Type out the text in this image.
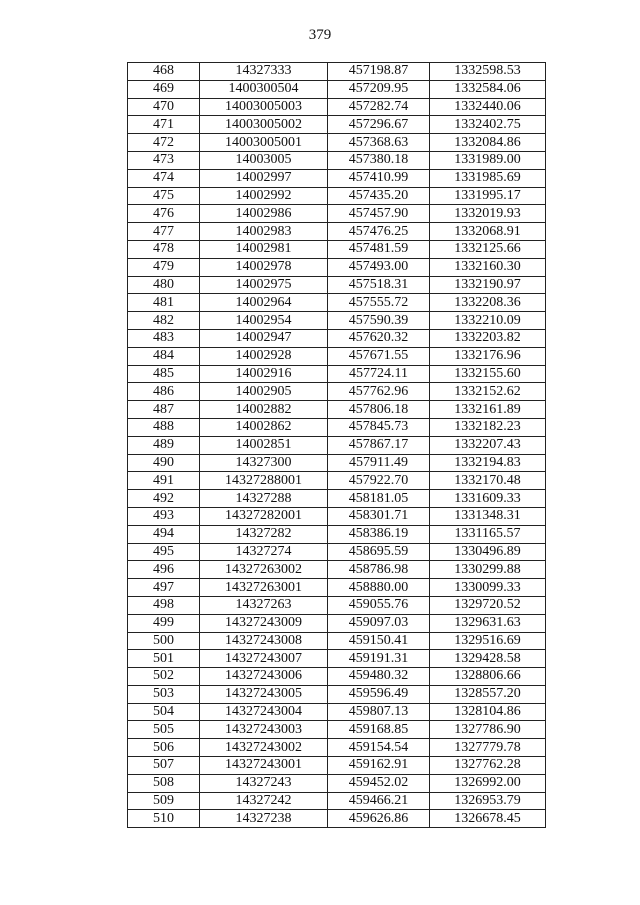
379
468	14327333	457198.87	1332598.53
469	1400300504	457209.95	1332584.06
470	14003005003	457282.74	1332440.06
471	14003005002	457296.67	1332402.75
472	14003005001	457368.63	1332084.86
473	14003005	457380.18	1331989.00
474	14002997	457410.99	1331985.69
475	14002992	457435.20	1331995.17
476	14002986	457457.90	1332019.93
477	14002983	457476.25	1332068.91
478	14002981	457481.59	1332125.66
479	14002978	457493.00	1332160.30
480	14002975	457518.31	1332190.97
481	14002964	457555.72	1332208.36
482	14002954	457590.39	1332210.09
483	14002947	457620.32	1332203.82
484	14002928	457671.55	1332176.96
485	14002916	457724.11	1332155.60
486	14002905	457762.96	1332152.62
487	14002882	457806.18	1332161.89
488	14002862	457845.73	1332182.23
489	14002851	457867.17	1332207.43
490	14327300	457911.49	1332194.83
491	14327288001	457922.70	1332170.48
492	14327288	458181.05	1331609.33
493	14327282001	458301.71	1331348.31
494	14327282	458386.19	1331165.57
495	14327274	458695.59	1330496.89
496	14327263002	458786.98	1330299.88
497	14327263001	458880.00	1330099.33
498	14327263	459055.76	1329720.52
499	14327243009	459097.03	1329631.63
500	14327243008	459150.41	1329516.69
501	14327243007	459191.31	1329428.58
502	14327243006	459480.32	1328806.66
503	14327243005	459596.49	1328557.20
504	14327243004	459807.13	1328104.86
505	14327243003	459168.85	1327786.90
506	14327243002	459154.54	1327779.78
507	14327243001	459162.91	1327762.28
508	14327243	459452.02	1326992.00
509	14327242	459466.21	1326953.79
510	14327238	459626.86	1326678.45
